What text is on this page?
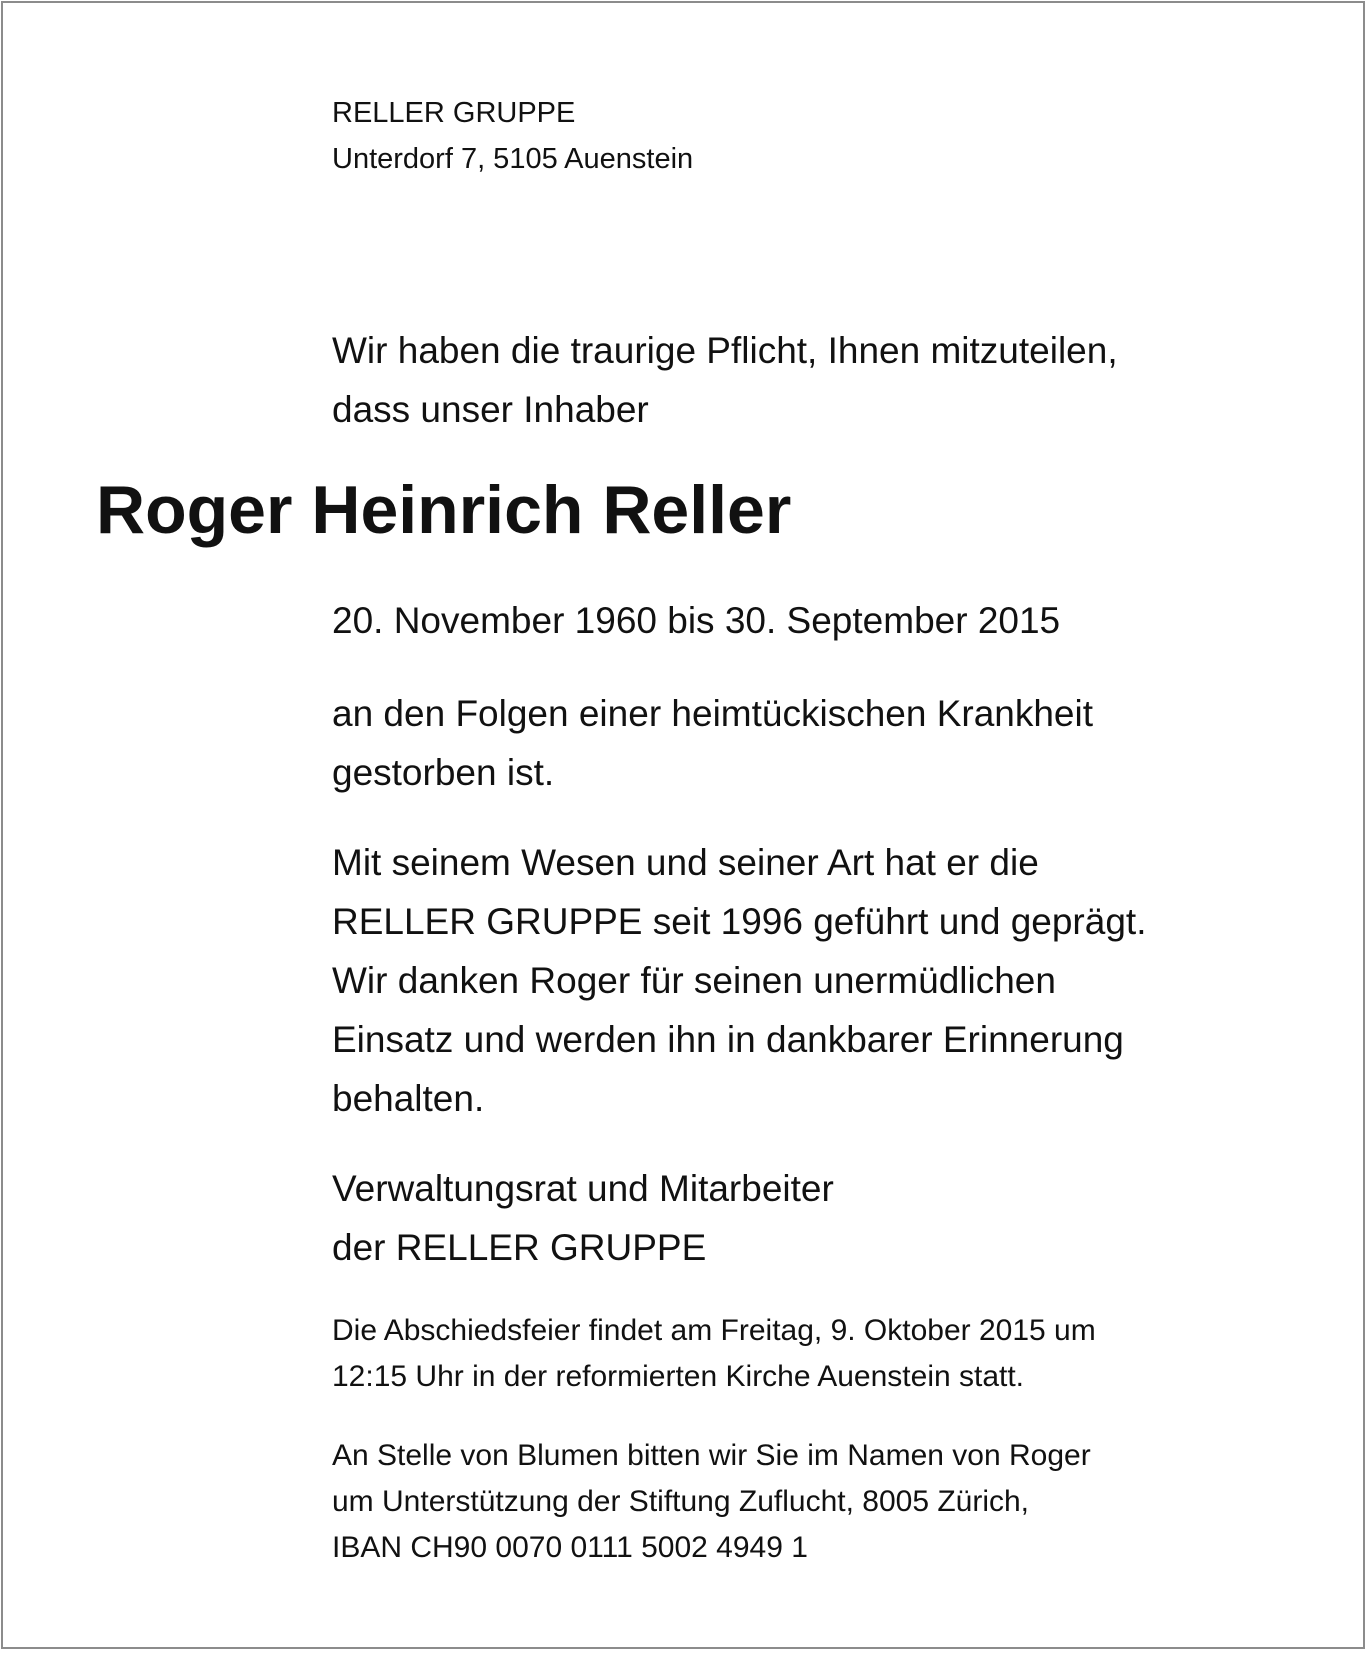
RELLER GRUPPE
Unterdorf 7, 5105 Auenstein
Wir haben die traurige Pflicht, Ihnen mitzuteilen,
dass unser Inhaber
Roger Heinrich Reller
20. November 1960 bis 30. September 2015
an den Folgen einer heimtückischen Krankheit
gestorben ist.
Mit seinem Wesen und seiner Art hat er die
RELLER GRUPPE seit 1996 geführt und geprägt.
Wir danken Roger für seinen unermüdlichen
Einsatz und werden ihn in dankbarer Erinnerung
behalten.
Verwaltungsrat und Mitarbeiter
der RELLER GRUPPE
Die Abschiedsfeier findet am Freitag, 9. Oktober 2015 um
12:15 Uhr in der reformierten Kirche Auenstein statt.
An Stelle von Blumen bitten wir Sie im Namen von Roger
um Unterstützung der Stiftung Zuflucht, 8005 Zürich,
IBAN CH90 0070 0111 5002 4949 1
